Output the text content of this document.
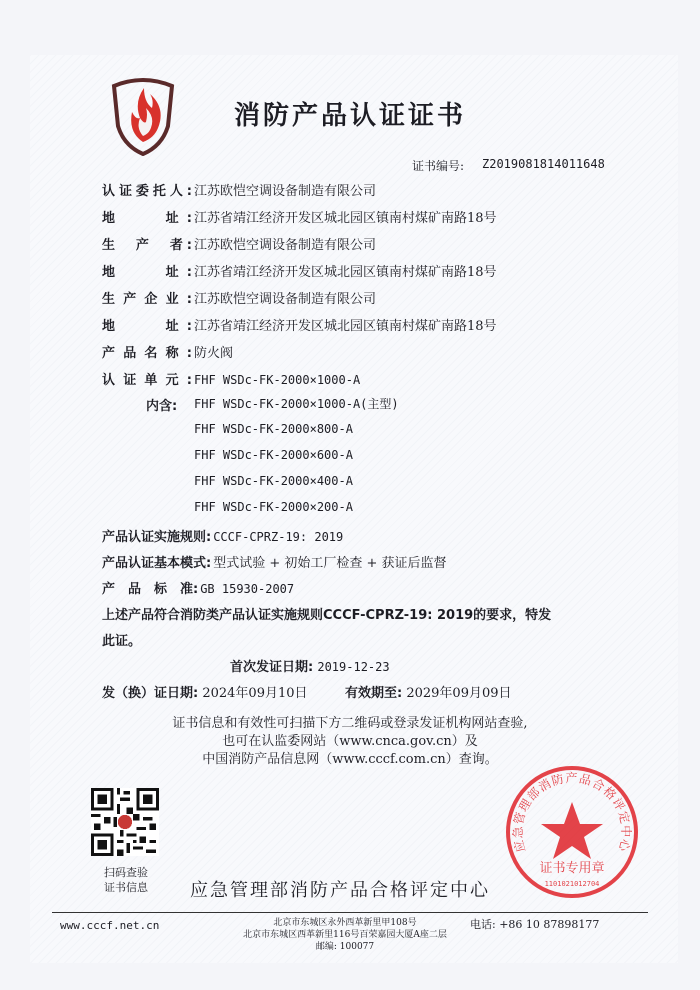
消防产品认证证书
证书编号: Z2019081814011648
认证委托人: 江苏欧恺空调设备制造有限公司
地　　址: 江苏省靖江经济开发区城北园区镇南村煤矿南路18号
生　产　者: 江苏欧恺空调设备制造有限公司
地　　址: 江苏省靖江经济开发区城北园区镇南村煤矿南路18号
生产企业: 江苏欧恺空调设备制造有限公司
地　　址: 江苏省靖江经济开发区城北园区镇南村煤矿南路18号
产品名称: 防火阀
认证单元: FHF WSDc-FK-2000×1000-A
内含: FHF WSDc-FK-2000×1000-A(主型)
FHF WSDc-FK-2000×800-A
FHF WSDc-FK-2000×600-A
FHF WSDc-FK-2000×400-A
FHF WSDc-FK-2000×200-A
产品认证实施规则: CCCF-CPRZ-19: 2019
产品认证基本模式: 型式试验 + 初始工厂检查 + 获证后监督
产　品　标　准: GB 15930-2007
上述产品符合消防类产品认证实施规则CCCF-CPRZ-19: 2019的要求，特发
此证。
首次发证日期: 2019-12-23
发（换）证日期: 2024年09月10日	有效期至: 2029年09月09日
证书信息和有效性可扫描下方二维码或登录发证机构网站查验,
也可在认监委网站（www.cnca.gov.cn）及
中国消防产品信息网（www.cccf.com.cn）查询。
扫码查验
证书信息	应急管理部消防产品合格评定中心
应急管理部消防产品合格评定中心
证书专用章
1101021012704
www.cccf.net.cn	北京市东城区永外西革新里甲108号
北京市东城区西革新里116号百荣嘉园大厦A座二层
邮编: 100077
电话: +86 10 87898177
